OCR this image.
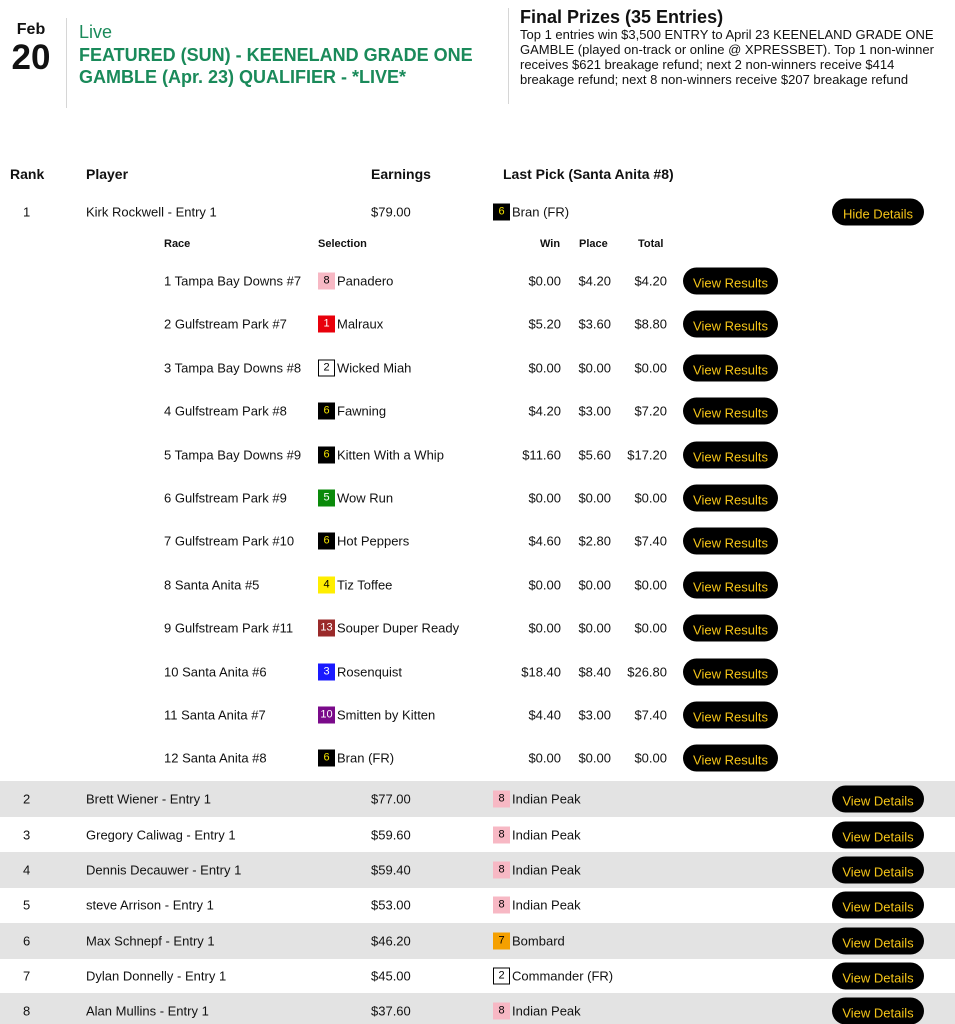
Feb
20
Live
FEATURED (SUN) - KEENELAND GRADE ONE GAMBLE (Apr. 23) QUALIFIER - *LIVE*
Final Prizes (35 Entries)
Top 1 entries win $3,500 ENTRY to April 23 KEENELAND GRADE ONE GAMBLE (played on-track or online @ XPRESSBET). Top 1 non-winner receives $621 breakage refund; next 2 non-winners receive $414 breakage refund; next 8 non-winners receive $207 breakage refund
Rank	Player	Earnings	Last Pick (Santa Anita #8)
1	Kirk Rockwell - Entry 1	$79.00	6 Bran (FR)	Hide Details
Race	Selection	Win Place	Total
1 Tampa Bay Downs #7	8 Panadero	$0.00 $4.20 $4.20	View Results
2 Gulfstream Park #7	1 Malraux	$5.20 $3.60 $8.80	View Results
3 Tampa Bay Downs #8	2 Wicked Miah	$0.00 $0.00 $0.00	View Results
4 Gulfstream Park #8	6 Fawning	$4.20 $3.00 $7.20	View Results
5 Tampa Bay Downs #9	6 Kitten With a Whip	$11.60 $5.60 $17.20	View Results
6 Gulfstream Park #9	5 Wow Run	$0.00 $0.00 $0.00	View Results
7 Gulfstream Park #10	6 Hot Peppers	$4.60 $2.80 $7.40	View Results
8 Santa Anita #5	4 Tiz Toffee	$0.00 $0.00 $0.00	View Results
9 Gulfstream Park #11 13 Souper Duper Ready	$0.00 $0.00 $0.00	View Results
10 Santa Anita #6	3 Rosenquist	$18.40 $8.40 $26.80	View Results
11 Santa Anita #7	10 Smitten by Kitten	$4.40 $3.00 $7.40	View Results
12 Santa Anita #8	6 Bran (FR)	$0.00 $0.00 $0.00	View Results
2	Brett Wiener - Entry 1	$77.00	8 Indian Peak	View Details
3	Gregory Caliwag - Entry 1	$59.60	8 Indian Peak	View Details
4	Dennis Decauwer - Entry 1	$59.40	8 Indian Peak	View Details
5	steve Arrison - Entry 1	$53.00	8 Indian Peak	View Details
6	Max Schnepf - Entry 1	$46.20	7 Bombard	View Details
7	Dylan Donnelly - Entry 1	$45.00	2 Commander (FR)	View Details
8	Alan Mullins - Entry 1	$37.60	8 Indian Peak	View Details
